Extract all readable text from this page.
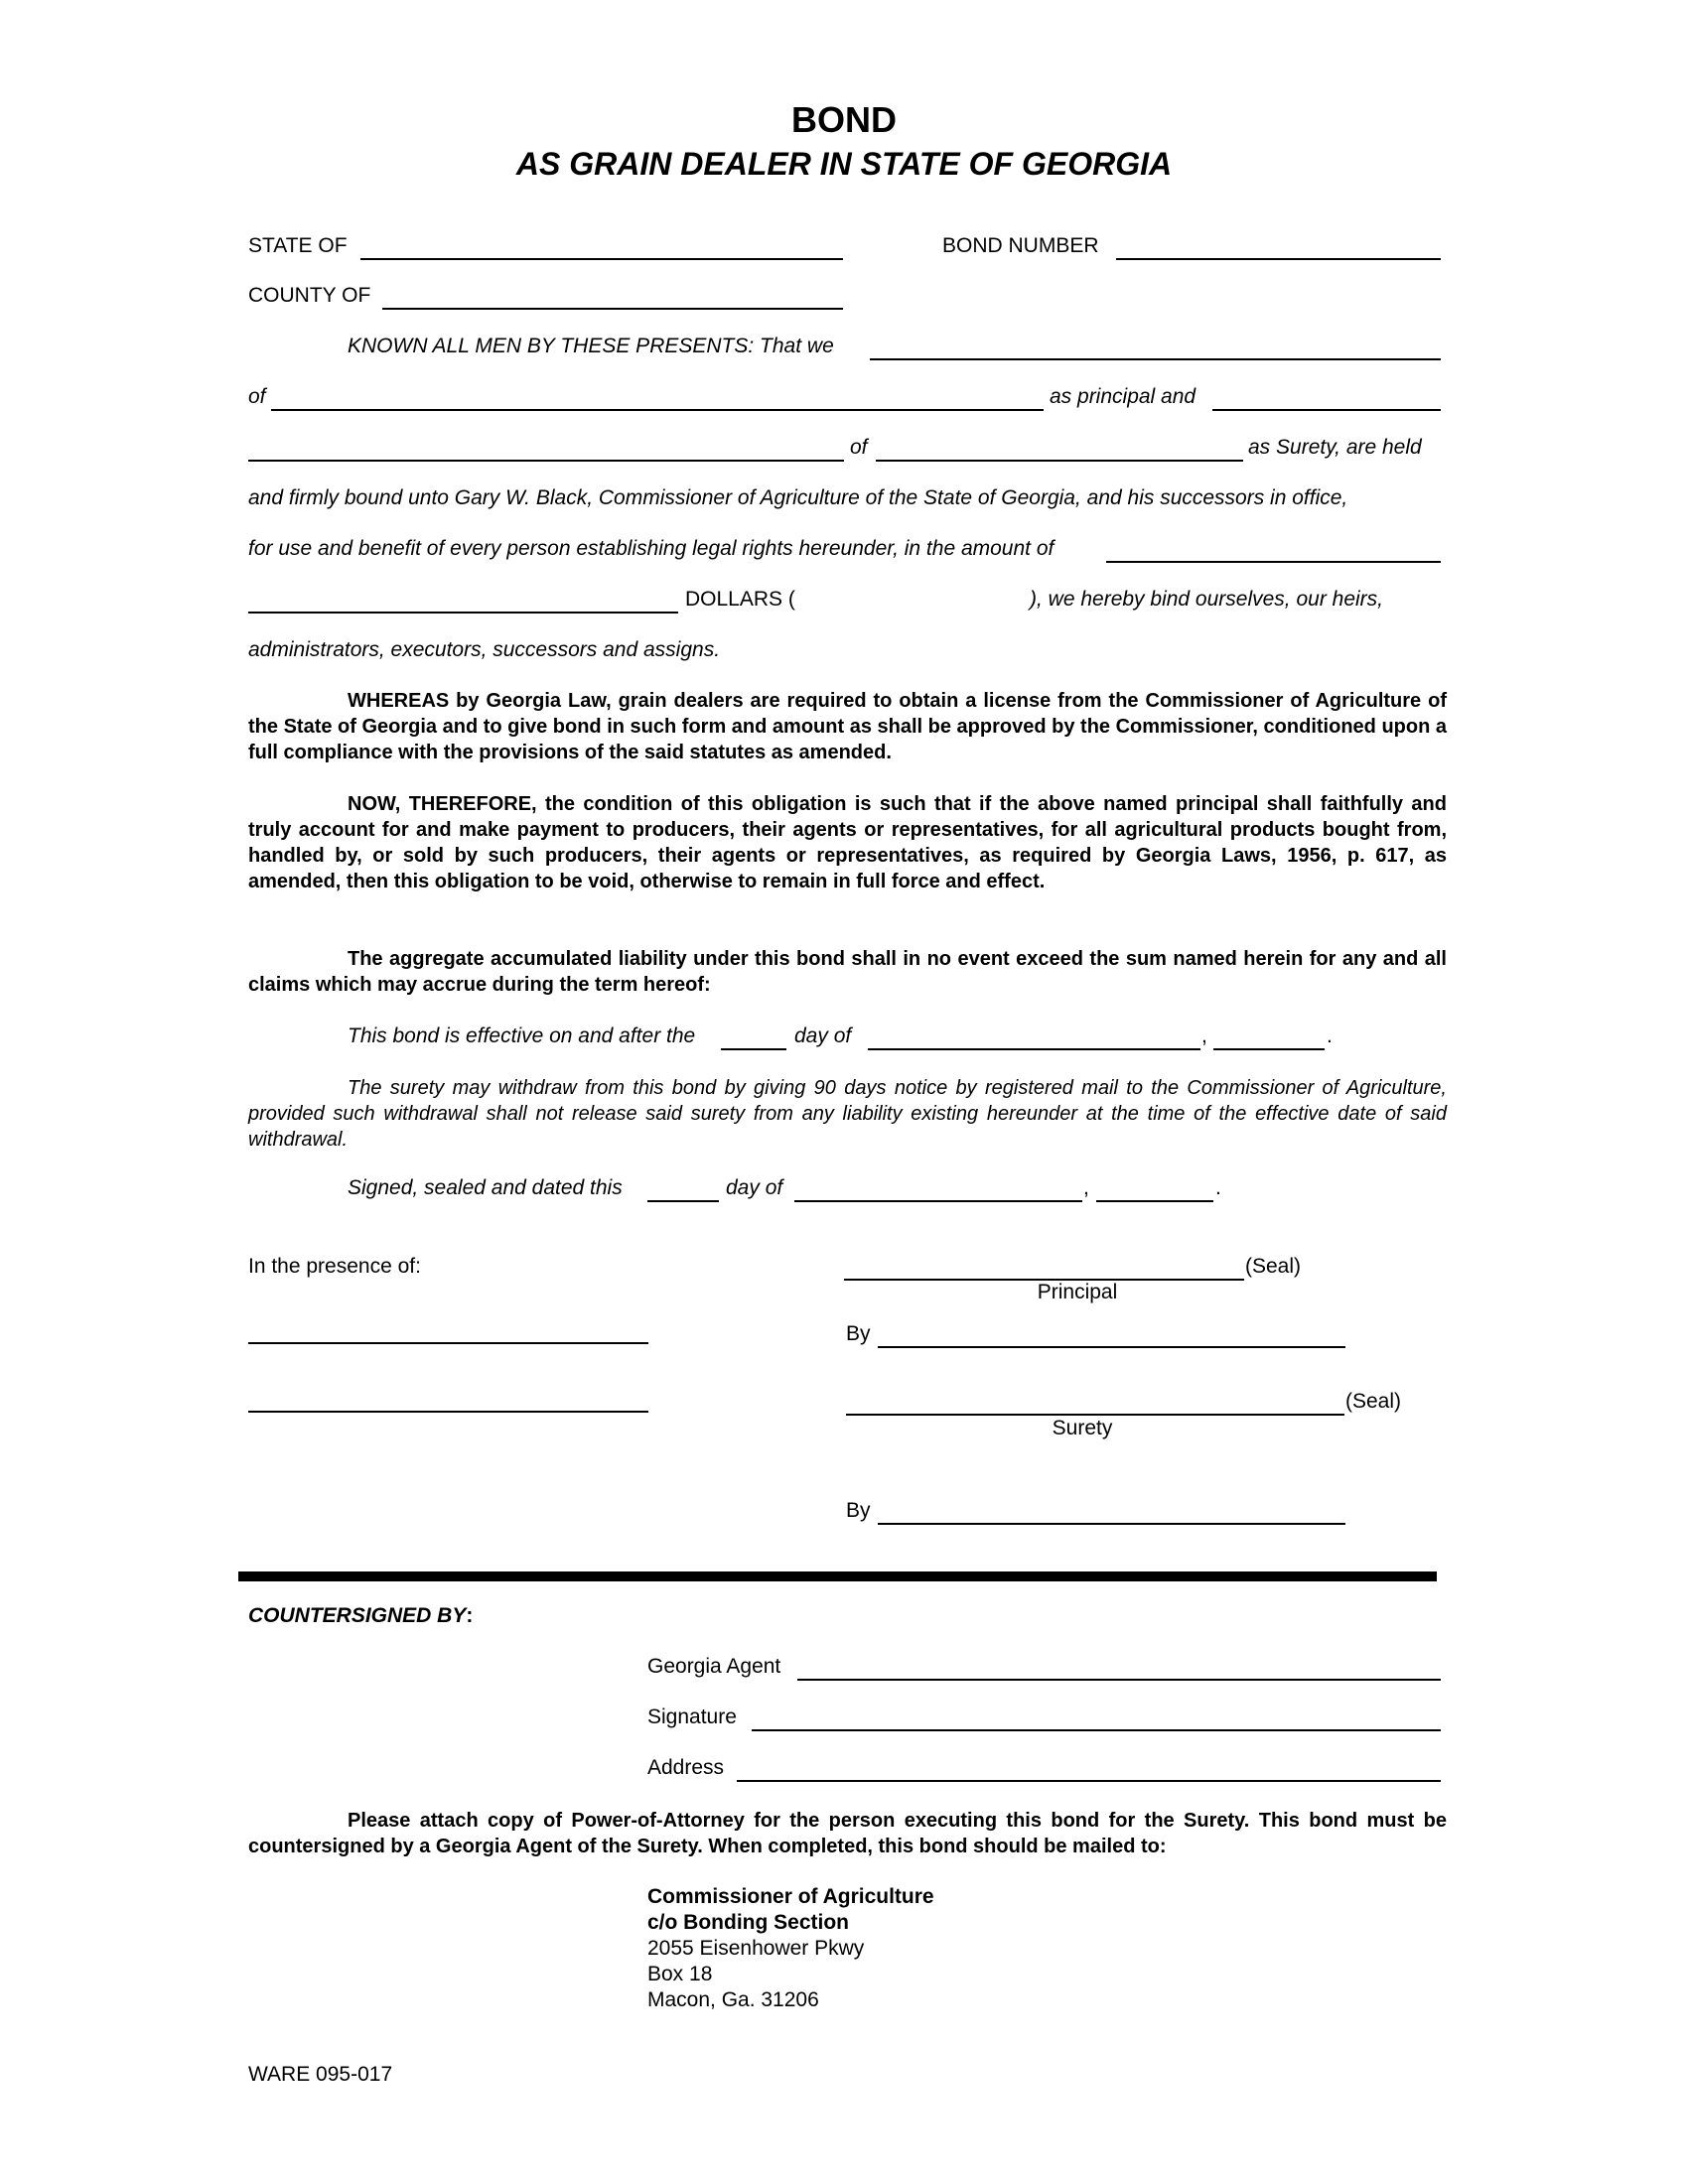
BOND
AS GRAIN DEALER IN STATE OF GEORGIA
STATE OF	BOND NUMBER
COUNTY OF
KNOWN ALL MEN BY THESE PRESENTS: That we
of	as principal and
of	as Surety, are held
and firmly bound unto Gary W. Black, Commissioner of Agriculture of the State of Georgia, and his successors in office,
for use and benefit of every person establishing legal rights hereunder, in the amount of
DOLLARS (	), we hereby bind ourselves, our heirs,
administrators, executors, successors and assigns.

WHEREAS by Georgia Law, grain dealers are required to obtain a license from the Commissioner of Agriculture of the State of Georgia and to give bond in such form and amount as shall be approved by the Commissioner, conditioned upon a full compliance with the provisions of the said statutes as amended.

NOW, THEREFORE, the condition of this obligation is such that if the above named principal shall faithfully and truly account for and make payment to producers, their agents or representatives, for all agricultural products bought from, handled by, or sold by such producers, their agents or representatives, as required by Georgia Laws, 1956, p. 617, as amended, then this obligation to be void, otherwise to remain in full force and effect.

The aggregate accumulated liability under this bond shall in no event exceed the sum named herein for any and all claims which may accrue during the term hereof:

This bond is effective on and after the	day of	,	.

The surety may withdraw from this bond by giving 90 days notice by registered mail to the Commissioner of Agriculture, provided such withdrawal shall not release said surety from any liability existing hereunder at the time of the effective date of said withdrawal.

Signed, sealed and dated this	day of	,	.
In the presence of:	(Seal)
Principal
By
(Seal)
Surety
By
COUNTERSIGNED BY:
Georgia Agent
Signature
Address

Please attach copy of Power-of-Attorney for the person executing this bond for the Surety. This bond must be countersigned by a Georgia Agent of the Surety. When completed, this bond should be mailed to:

Commissioner of Agriculture
c/o Bonding Section
2055 Eisenhower Pkwy
Box 18
Macon, Ga. 31206
WARE 095-017
